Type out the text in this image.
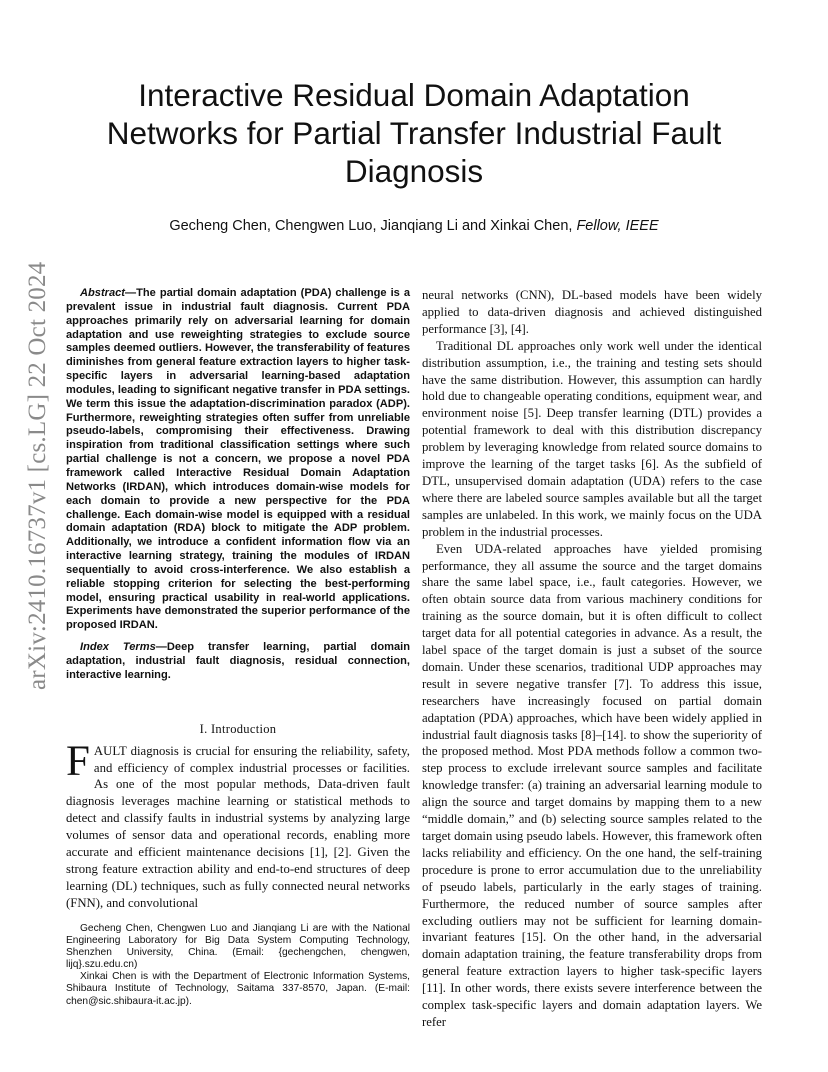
arXiv:2410.16737v1 [cs.LG] 22 Oct 2024
Interactive Residual Domain Adaptation Networks for Partial Transfer Industrial Fault Diagnosis
Gecheng Chen, Chengwen Luo, Jianqiang Li and Xinkai Chen, Fellow, IEEE

Abstract—The partial domain adaptation (PDA) challenge is a prevalent issue in industrial fault diagnosis. Current PDA approaches primarily rely on adversarial learning for domain adaptation and use reweighting strategies to exclude source samples deemed outliers. However, the transferability of features diminishes from general feature extraction layers to higher task-specific layers in adversarial learning-based adaptation modules, leading to significant negative transfer in PDA settings. We term this issue the adaptation-discrimination paradox (ADP). Furthermore, reweighting strategies often suffer from unreliable pseudo-labels, compromising their effectiveness. Drawing inspiration from traditional classification settings where such partial challenge is not a concern, we propose a novel PDA framework called Interactive Residual Domain Adaptation Networks (IRDAN), which introduces domain-wise models for each domain to provide a new perspective for the PDA challenge. Each domain-wise model is equipped with a residual domain adaptation (RDA) block to mitigate the ADP problem. Additionally, we introduce a confident information flow via an interactive learning strategy, training the modules of IRDAN sequentially to avoid cross-interference. We also establish a reliable stopping criterion for selecting the best-performing model, ensuring practical usability in real-world applications. Experiments have demonstrated the superior performance of the proposed IRDAN.

Index Terms—Deep transfer learning, partial domain adaptation, industrial fault diagnosis, residual connection, interactive learning.

I. Introduction

FAULT diagnosis is crucial for ensuring the reliability, safety, and efficiency of complex industrial processes or facilities. As one of the most popular methods, Data-driven fault diagnosis leverages machine learning or statistical methods to detect and classify faults in industrial systems by analyzing large volumes of sensor data and operational records, enabling more accurate and efficient maintenance decisions [1], [2]. Given the strong feature extraction ability and end-to-end structures of deep learning (DL) techniques, such as fully connected neural networks (FNN), and convolutional

Gecheng Chen, Chengwen Luo and Jianqiang Li are with the National Engineering Laboratory for Big Data System Computing Technology, Shenzhen University, China. (Email: {gechengchen, chengwen, lijq}.szu.edu.cn)

Xinkai Chen is with the Department of Electronic Information Systems, Shibaura Institute of Technology, Saitama 337-8570, Japan. (E-mail: chen@sic.shibaura-it.ac.jp).

neural networks (CNN), DL-based models have been widely applied to data-driven diagnosis and achieved distinguished performance [3], [4].

Traditional DL approaches only work well under the identical distribution assumption, i.e., the training and testing sets should have the same distribution. However, this assumption can hardly hold due to changeable operating conditions, equipment wear, and environment noise [5]. Deep transfer learning (DTL) provides a potential framework to deal with this distribution discrepancy problem by leveraging knowledge from related source domains to improve the learning of the target tasks [6]. As the subfield of DTL, unsupervised domain adaptation (UDA) refers to the case where there are labeled source samples available but all the target samples are unlabeled. In this work, we mainly focus on the UDA problem in the industrial processes.

Even UDA-related approaches have yielded promising performance, they all assume the source and the target domains share the same label space, i.e., fault categories. However, we often obtain source data from various machinery conditions for training as the source domain, but it is often difficult to collect target data for all potential categories in advance. As a result, the label space of the target domain is just a subset of the source domain. Under these scenarios, traditional UDP approaches may result in severe negative transfer [7]. To address this issue, researchers have increasingly focused on partial domain adaptation (PDA) approaches, which have been widely applied in industrial fault diagnosis tasks [8]–[14]. to show the superiority of the proposed method. Most PDA methods follow a common two-step process to exclude irrelevant source samples and facilitate knowledge transfer: (a) training an adversarial learning module to align the source and target domains by mapping them to a new “middle domain,” and (b) selecting source samples related to the target domain using pseudo labels. However, this framework often lacks reliability and efficiency. On the one hand, the self-training procedure is prone to error accumulation due to the unreliability of pseudo labels, particularly in the early stages of training. Furthermore, the reduced number of source samples after excluding outliers may not be sufficient for learning domain-invariant features [15]. On the other hand, in the adversarial domain adaptation training, the feature transferability drops from general feature extraction layers to higher task-specific layers [11]. In other words, there exists severe interference between the complex task-specific layers and domain adaptation layers. We refer
